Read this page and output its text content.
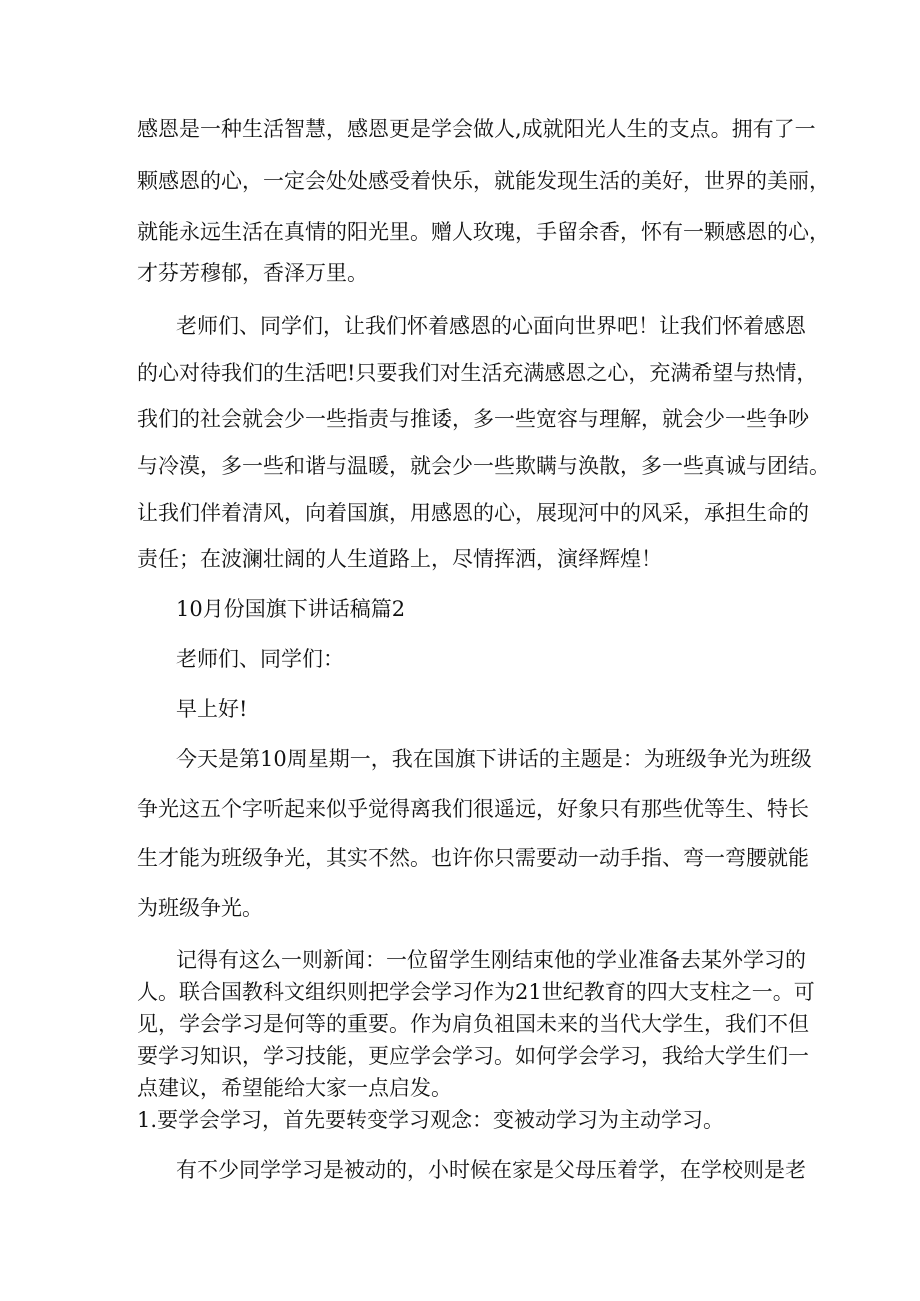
感恩是一种生活智慧，感恩更是学会做人,成就阳光人生的支点。拥有了一

颗感恩的心，一定会处处感受着快乐，就能发现生活的美好，世界的美丽，

就能永远生活在真情的阳光里。赠人玫瑰，手留余香，怀有一颗感恩的心，

才芬芳穆郁，香泽万里。

老师们、同学们，让我们怀着感恩的心面向世界吧！让我们怀着感恩

的心对待我们的生活吧!只要我们对生活充满感恩之心，充满希望与热情，

我们的社会就会少一些指责与推诿，多一些宽容与理解，就会少一些争吵

与冷漠，多一些和谐与温暖，就会少一些欺瞒与涣散，多一些真诚与团结。

让我们伴着清风，向着国旗，用感恩的心，展现河中的风采，承担生命的

责任；在波澜壮阔的人生道路上，尽情挥洒，演绎辉煌！

10月份国旗下讲话稿篇2

老师们、同学们：

早上好!

今天是第10周星期一，我在国旗下讲话的主题是：为班级争光为班级

争光这五个字听起来似乎觉得离我们很遥远，好象只有那些优等生、特长

生才能为班级争光，其实不然。也许你只需要动一动手指、弯一弯腰就能

为班级争光。

记得有这么一则新闻：一位留学生刚结束他的学业准备去某外学习的

人。联合国教科文组织则把学会学习作为21世纪教育的四大支柱之一。可

见，学会学习是何等的重要。作为肩负祖国未来的当代大学生，我们不但

要学习知识，学习技能，更应学会学习。如何学会学习，我给大学生们一

点建议，希望能给大家一点启发。

1.要学会学习，首先要转变学习观念：变被动学习为主动学习。

有不少同学学习是被动的，小时候在家是父母压着学，在学校则是老
